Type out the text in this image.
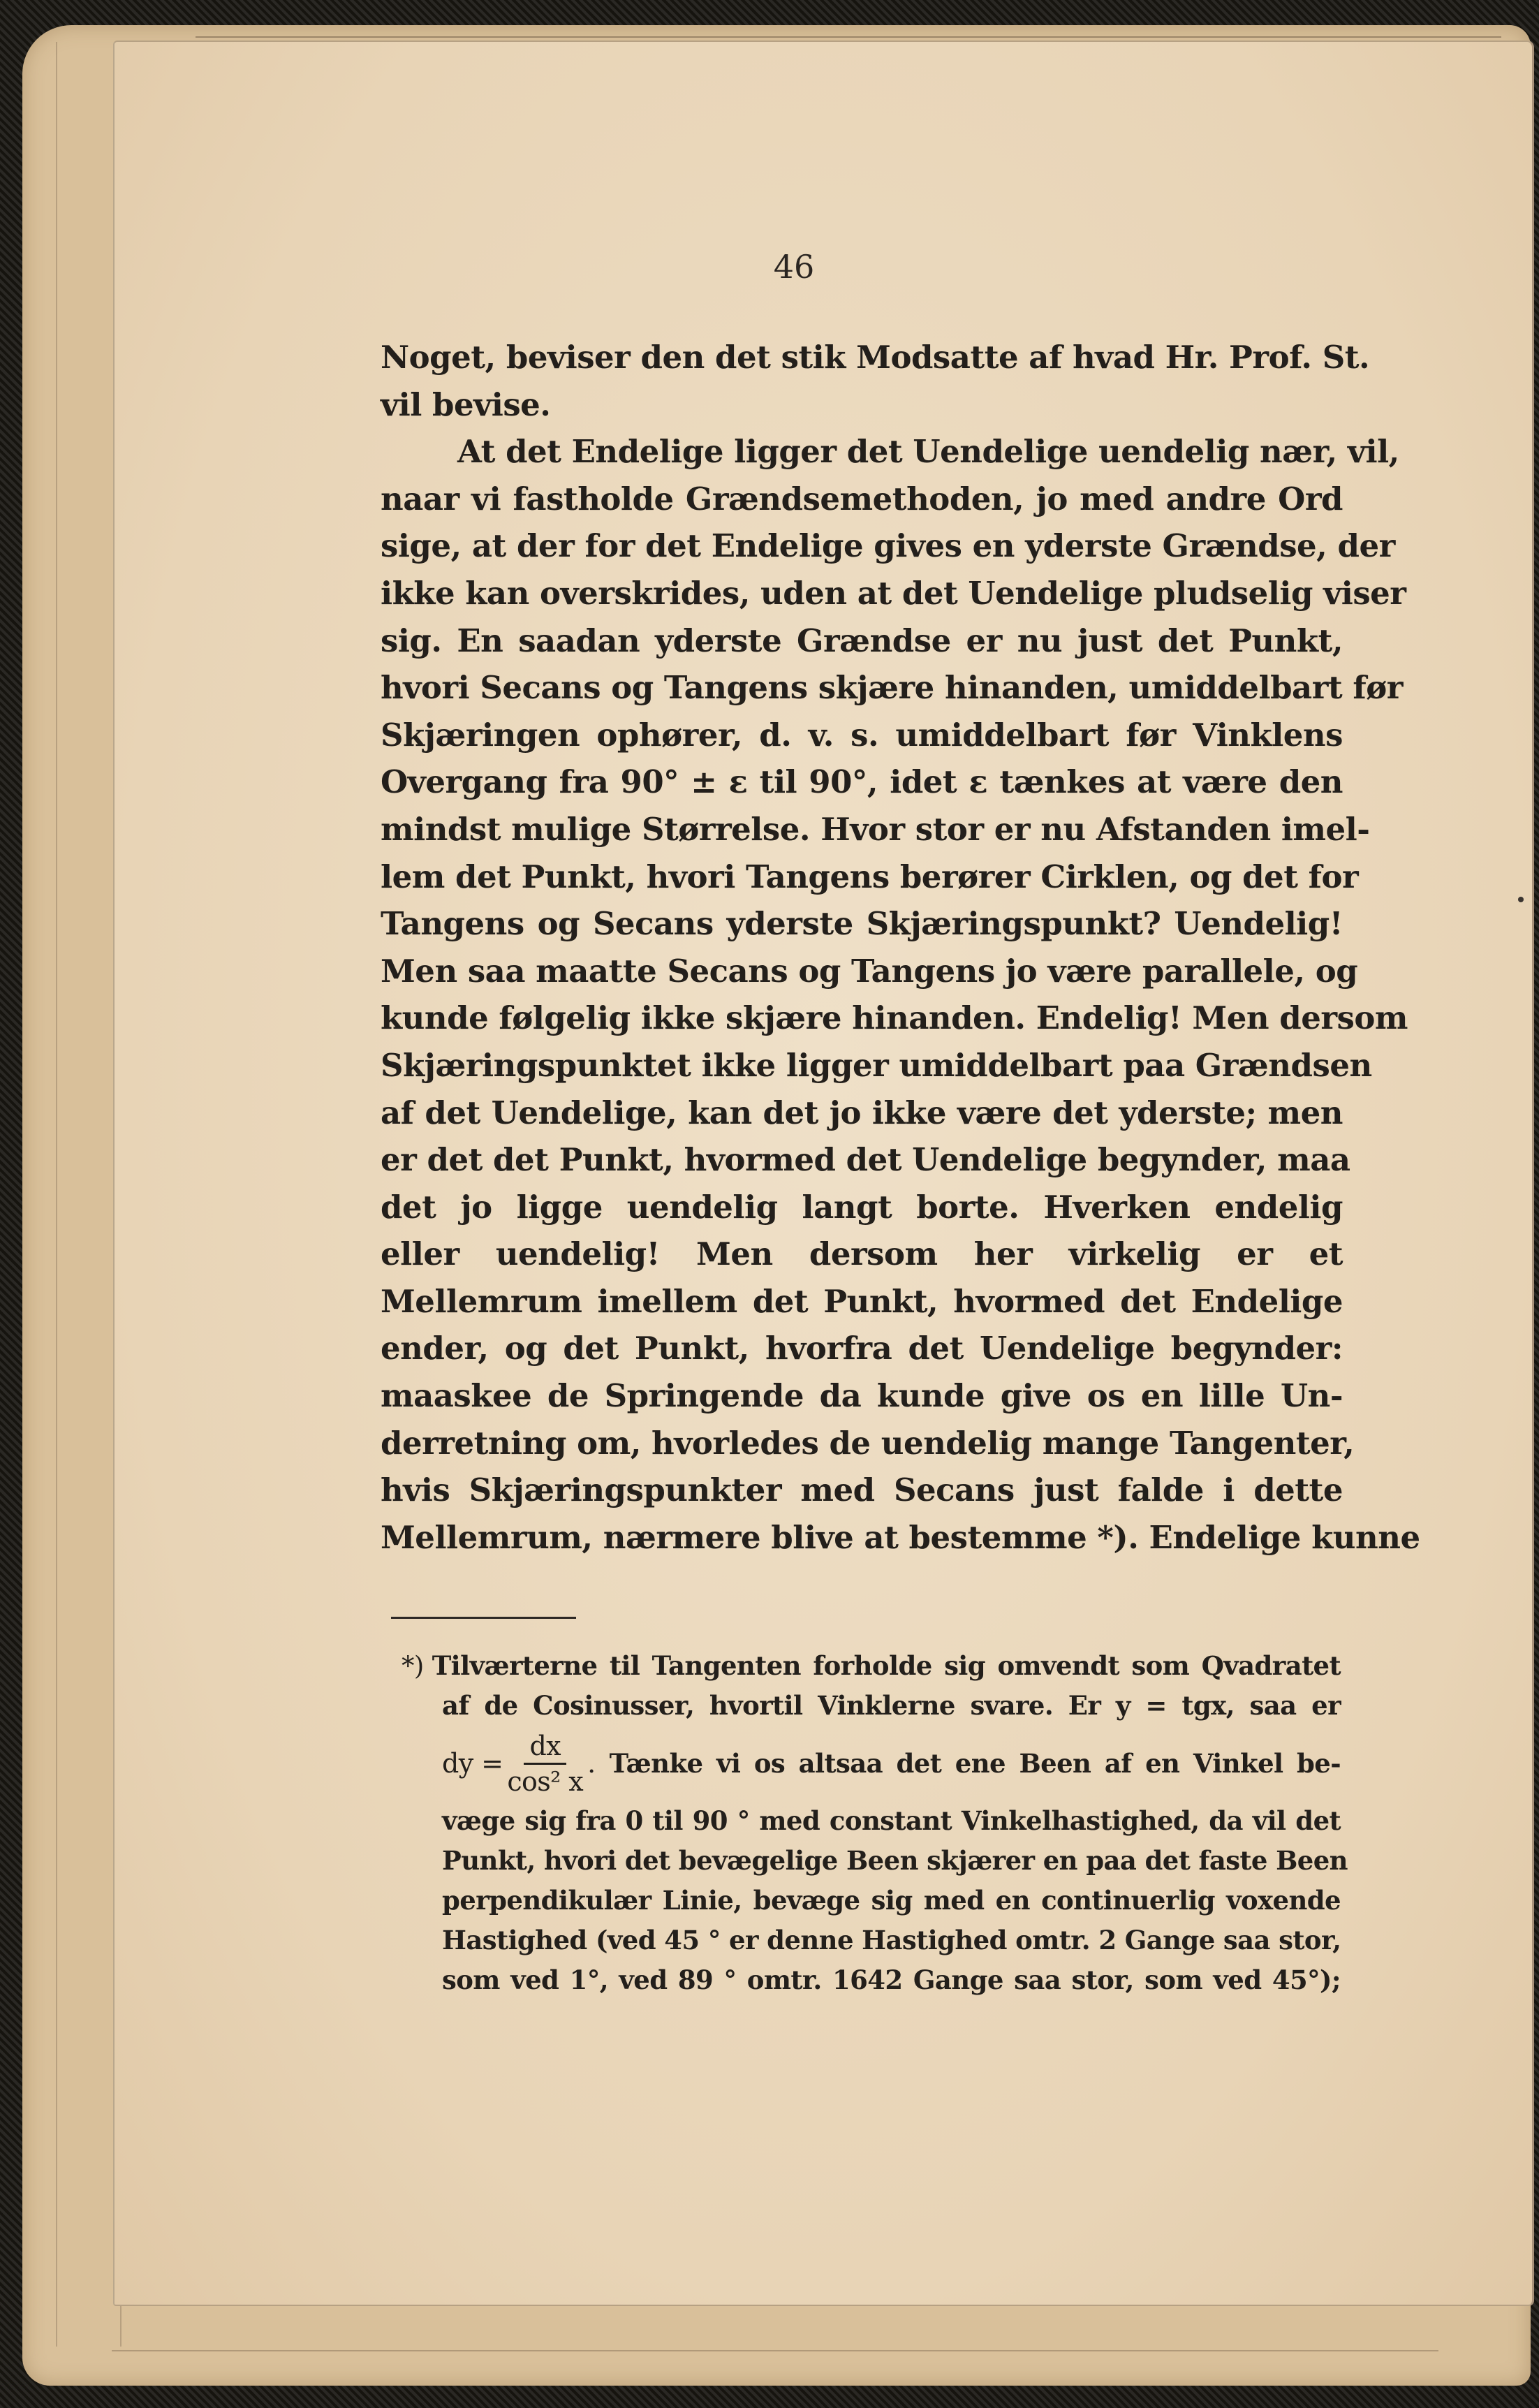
46
Noget, beviser den det stik Modsatte af hvad Hr. Prof. St.
vil bevise.
At det Endelige ligger det Uendelige uendelig nær, vil,
naar vi fastholde Grændsemethoden, jo med andre Ord
sige, at der for det Endelige gives en yderste Grændse, der
ikke kan overskrides, uden at det Uendelige pludselig viser
sig. En saadan yderste Grændse er nu just det Punkt,
hvori Secans og Tangens skjære hinanden, umiddelbart før
Skjæringen ophører, d. v. s. umiddelbart før Vinklens
Overgang fra 90° ± ε til 90°, idet ε tænkes at være den
mindst mulige Størrelse. Hvor stor er nu Afstanden imel-
lem det Punkt, hvori Tangens berører Cirklen, og det for
Tangens og Secans yderste Skjæringspunkt? Uendelig!
Men saa maatte Secans og Tangens jo være parallele, og
kunde følgelig ikke skjære hinanden. Endelig! Men dersom
Skjæringspunktet ikke ligger umiddelbart paa Grændsen
af det Uendelige, kan det jo ikke være det yderste; men
er det det Punkt, hvormed det Uendelige begynder, maa
det jo ligge uendelig langt borte. Hverken endelig
eller uendelig! Men dersom her virkelig er et
Mellemrum imellem det Punkt, hvormed det Endelige
ender, og det Punkt, hvorfra det Uendelige begynder:
maaskee de Springende da kunde give os en lille Un-
derretning om, hvorledes de uendelig mange Tangenter,
hvis Skjæringspunkter med Secans just falde i dette
Mellemrum, nærmere blive at bestemme *). Endelige kunne
*) Tilværterne til Tangenten forholde sig omvendt som Qvadratet
af de Cosinusser, hvortil Vinklerne svare. Er y = tgx, saa er
dy = $\frac{dx}{\text{cos² x}}$ . Tænke vi os altsaa det ene Been af en Vinkel be-
væge sig fra 0 til 90 ° med constant Vinkelhastighed, da vil det
Punkt, hvori det bevægelige Been skjærer en paa det faste Been
perpendikulær Linie, bevæge sig med en continuerlig voxende
Hastighed (ved 45 ° er denne Hastighed omtr. 2 Gange saa stor,
som ved 1°, ved 89 ° omtr. 1642 Gange saa stor, som ved 45°);
